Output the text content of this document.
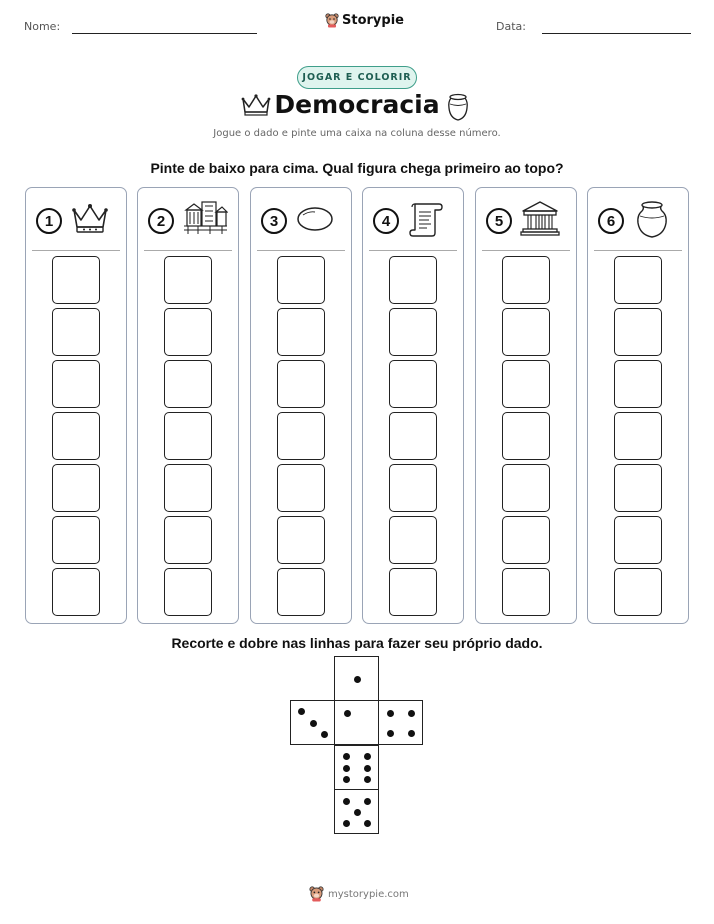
Nome:	Storypie	Data:
JOGAR E COLORIR
Democracia
Jogue o dado e pinte uma caixa na coluna desse número.
Pinte de baixo para cima. Qual figura chega primeiro ao topo?
1	2	3	4	5	6
Recorte e dobre nas linhas para fazer seu próprio dado.
mystorypie.com
